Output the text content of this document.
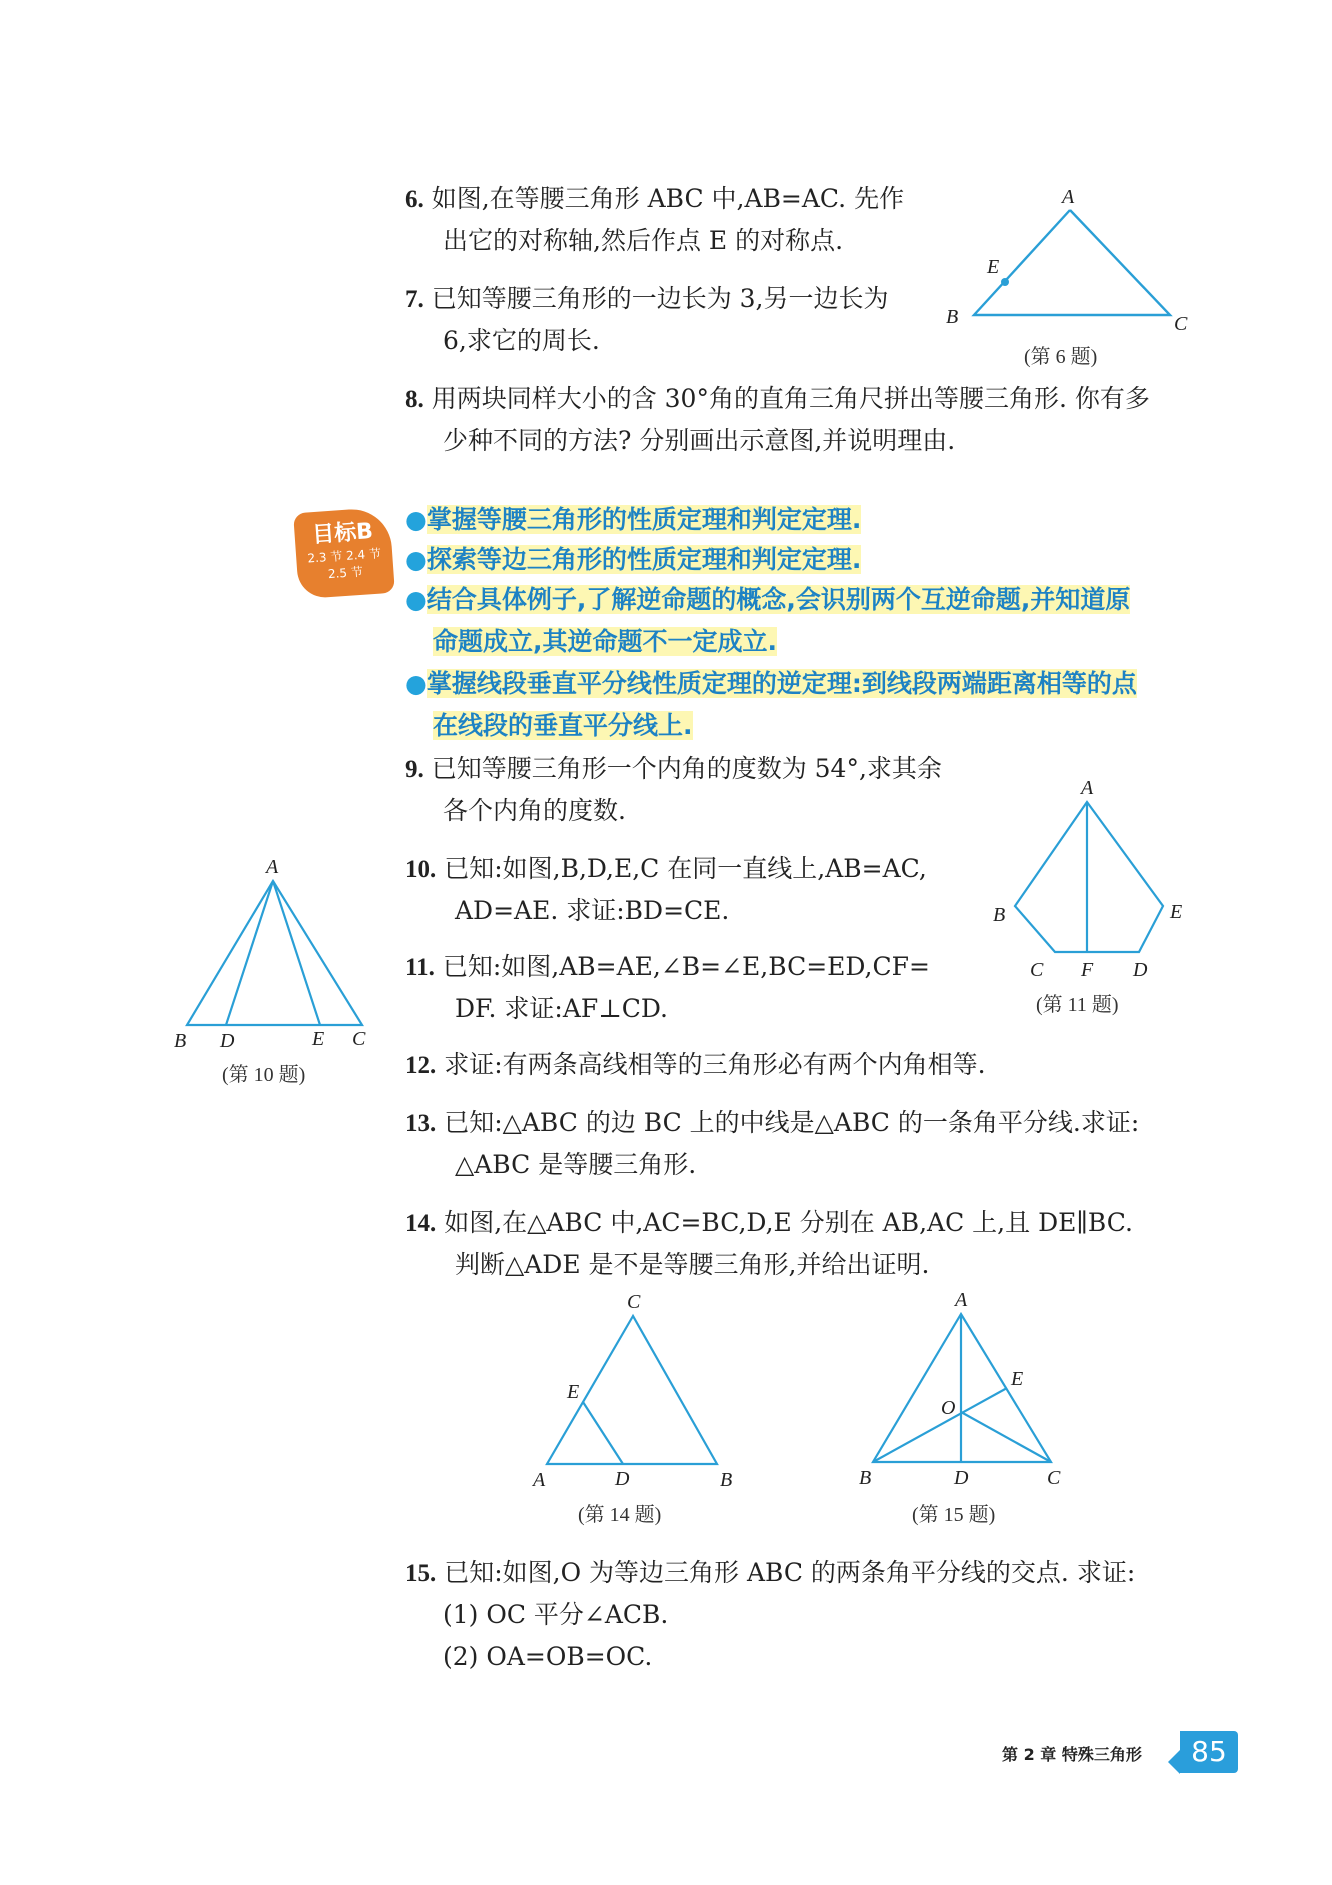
6. 如图,在等腰三角形 ABC 中,AB=AC. 先作
出它的对称轴,然后作点 E 的对称点.
7. 已知等腰三角形的一边长为 3,另一边长为
6,求它的周长.
A
B	C
E
(第 6 题)
8. 用两块同样大小的含 30°角的直角三角尺拼出等腰三角形. 你有多
少种不同的方法? 分别画出示意图,并说明理由.
目标B
2.3 节 2.4 节
2.5 节
●掌握等腰三角形的性质定理和判定定理.
●探索等边三角形的性质定理和判定定理.
●结合具体例子,了解逆命题的概念,会识别两个互逆命题,并知道原
命题成立,其逆命题不一定成立.
●掌握线段垂直平分线性质定理的逆定理:到线段两端距离相等的点
在线段的垂直平分线上.
9. 已知等腰三角形一个内角的度数为 54°,求其余
各个内角的度数.
10. 已知:如图,B,D,E,C 在同一直线上,AB=AC,
AD=AE. 求证:BD=CE.
A
B D	E C
(第 10 题)
A
B	E
C F D
(第 11 题)
11. 已知:如图,AB=AE,∠B=∠E,BC=ED,CF=
DF. 求证:AF⊥CD.
12. 求证:有两条高线相等的三角形必有两个内角相等.
13. 已知:△ABC 的边 BC 上的中线是△ABC 的一条角平分线.求证:
△ABC 是等腰三角形.
14. 如图,在△ABC 中,AC=BC,D,E 分别在 AB,AC 上,且 DE∥BC.
判断△ADE 是不是等腰三角形,并给出证明.
C
E
A	D	B
(第 14 题)
A
E
O
B	D	C
(第 15 题)
15. 已知:如图,O 为等边三角形 ABC 的两条角平分线的交点. 求证:
(1) OC 平分∠ACB.
(2) OA=OB=OC.
第 2 章 特殊三角形	85
